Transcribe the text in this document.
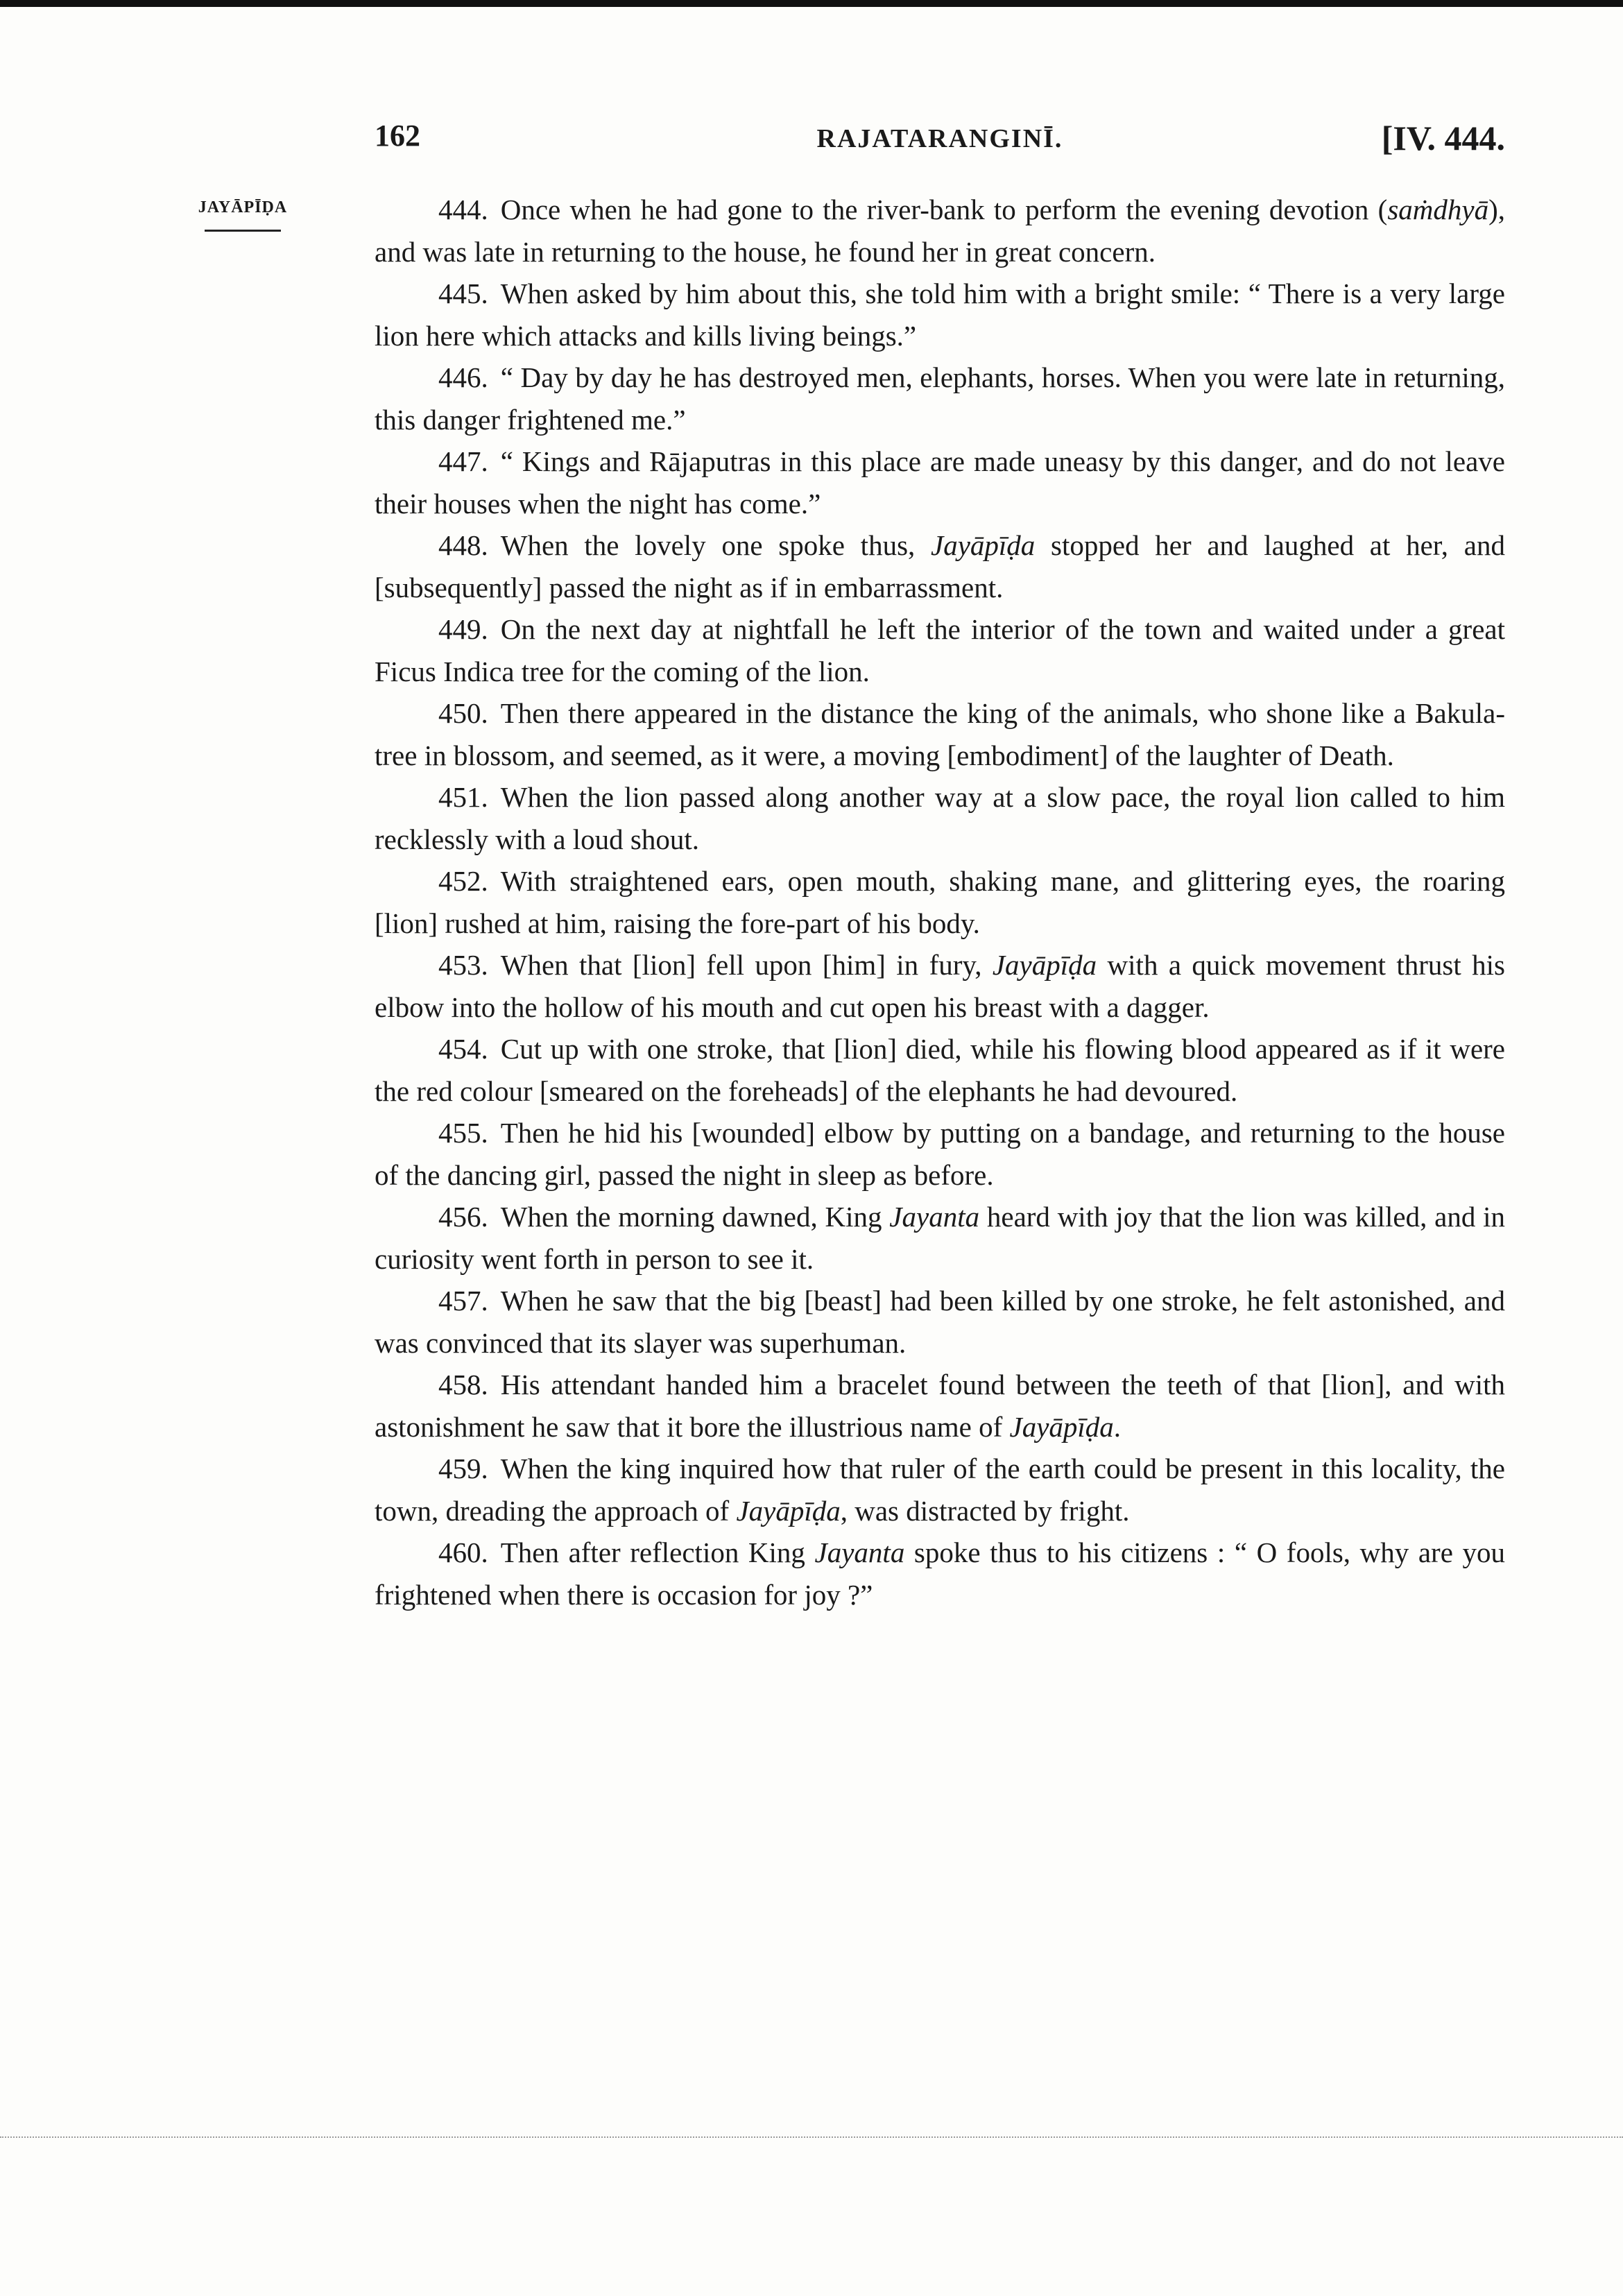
162	RAJATARANGINĪ.	[IV. 444.
JAYĀPĪḌA	444. Once when he had gone to the river-bank to perform the evening devotion (saṁdhyā), and was late in returning to the house, he found her in great concern.

445. When asked by him about this, she told him with a bright smile: “ There is a very large lion here which attacks and kills living beings.”

446. “ Day by day he has destroyed men, elephants, horses. When you were late in returning, this danger frightened me.”

447. “ Kings and Rājaputras in this place are made uneasy by this danger, and do not leave their houses when the night has come.”

448. When the lovely one spoke thus, Jayāpīḍa stopped her and laughed at her, and [subsequently] passed the night as if in embarrassment.

449. On the next day at nightfall he left the interior of the town and waited under a great Ficus Indica tree for the coming of the lion.

450. Then there appeared in the distance the king of the animals, who shone like a Bakula-tree in blossom, and seemed, as it were, a moving [embodiment] of the laughter of Death.

451. When the lion passed along another way at a slow pace, the royal lion called to him recklessly with a loud shout.

452. With straightened ears, open mouth, shaking mane, and glittering eyes, the roaring [lion] rushed at him, raising the fore-part of his body.

453. When that [lion] fell upon [him] in fury, Jayāpīḍa with a quick movement thrust his elbow into the hollow of his mouth and cut open his breast with a dagger.

454. Cut up with one stroke, that [lion] died, while his flowing blood appeared as if it were the red colour [smeared on the foreheads] of the elephants he had devoured.

455. Then he hid his [wounded] elbow by putting on a bandage, and returning to the house of the dancing girl, passed the night in sleep as before.

456. When the morning dawned, King Jayanta heard with joy that the lion was killed, and in curiosity went forth in person to see it.

457. When he saw that the big [beast] had been killed by one stroke, he felt astonished, and was convinced that its slayer was superhuman.

458. His attendant handed him a bracelet found between the teeth of that [lion], and with astonishment he saw that it bore the illustrious name of Jayāpīḍa.

459. When the king inquired how that ruler of the earth could be present in this locality, the town, dreading the approach of Jayāpīḍa, was distracted by fright.

460. Then after reflection King Jayanta spoke thus to his citizens : “ O fools, why are you frightened when there is occasion for joy ?”
